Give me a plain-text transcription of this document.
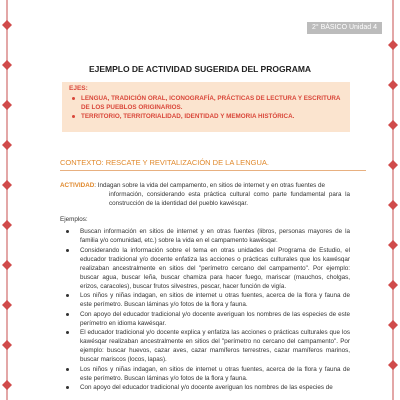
2° BÁSICO Unidad 4
EJEMPLO DE ACTIVIDAD SUGERIDA DEL PROGRAMA
EJES:
LENGUA, TRADICIÓN ORAL, ICONOGRAFÍA, PRÁCTICAS DE LECTURA Y ESCRITURA DE LOS PUEBLOS ORIGINARIOS.
TERRITORIO, TERRITORIALIDAD, IDENTIDAD Y MEMORIA HISTÓRICA.
CONTEXTO: RESCATE Y REVITALIZACIÓN DE LA LENGUA.
ACTIVIDAD: Indagan sobre la vida del campamento, en sitios de internet y en otras fuentes de
información, considerando esta práctica cultural como parte fundamental para la construcción de la identidad del pueblo kawésqar.
Ejemplos:
Buscan información en sitios de internet y en otras fuentes (libros, personas mayores de la familia y/o comunidad, etc.) sobre la vida en el campamento kawésqar.
Considerando la información sobre el tema en otras unidades del Programa de Estudio, el educador tradicional y/o docente enfatiza las acciones o prácticas culturales que los kawésqar realizaban ancestralmente en sitios del "perímetro cercano del campamento". Por ejemplo: buscar agua, buscar leña, buscar chamiza para hacer fuego, mariscar (mauchos, cholgas, erizos, caracoles), buscar frutos silvestres, pescar, hacer función de vigía.
Los niños y niñas indagan, en sitios de internet u otras fuentes, acerca de la flora y fauna de este perímetro. Buscan láminas y/o fotos de la flora y fauna.
Con apoyo del educador tradicional y/o docente averiguan los nombres de las especies de este perímetro en idioma kawésqar.
El educador tradicional y/o docente explica y enfatiza las acciones o prácticas culturales que los kawésqar realizaban ancestralmente en sitios del "perímetro no cercano del campamento". Por ejemplo: buscar huevos, cazar aves, cazar mamíferos terrestres, cazar mamíferos marinos, buscar mariscos (locos, lapas).
Los niños y niñas indagan, en sitios de internet u otras fuentes, acerca de la flora y fauna de este perímetro. Buscan láminas y/o fotos de la flora y fauna.
Con apoyo del educador tradicional y/o docente averiguan los nombres de las especies de
